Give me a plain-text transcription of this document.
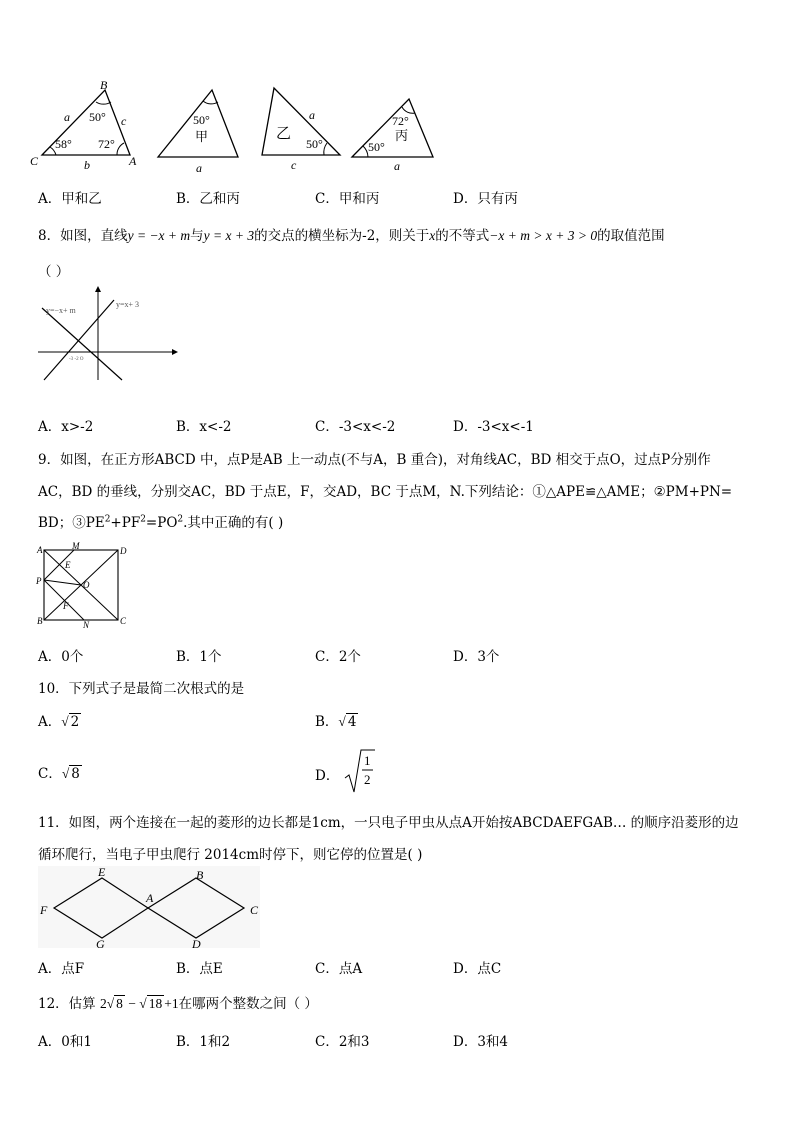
B
C	A
a	c
b
50°
58° 72°
50°
甲
a
乙
50°
a
c
72°
丙
50°
a
A．甲和乙	B．乙和丙	C．甲和丙	D．只有丙
8．如图，直线y = −x + m与y = x + 3的交点的横坐标为-2，则关于x的不等式−x + m > x + 3 > 0的取值范围
（ ）
y=−x+ m
y=x+ 3
-3 -2 O
A．x>-2	B．x<-2	C．-3<x<-2	D．-3<x<-1
9．如图，在正方形ABCD 中，点P是AB 上一动点(不与A，B 重合)，对角线AC，BD 相交于点O，过点P分别作
AC，BD 的垂线，分别交AC，BD 于点E，F，交AD，BC 于点M，N.下列结论：①△APE≌△AME；②PM+PN=
BD；$③PE^2+PF^2=PO^2$.其中正确的有( )
A	M	D
E
P	O
F
B	N	C
A．0个	B．1个	C．2个	D．3个
10．下列式子是最简二次根式的是
A．√ 2	B．√ 4
C．√ 8	D．
1
2
11．如图，两个连接在一起的菱形的边长都是1cm，一只电子甲虫从点A开始按ABCDAEFGAB… 的顺序沿菱形的边
循环爬行，当电子甲虫爬行 2014cm时停下，则它停的位置是( )
E	B
F
A
C
G	D
A．点F	B．点E	C．点A	D．点C
12．估算 2√ 8 − √ 18 +1在哪两个整数之间（ ）
A．0和1	B．1和2	C．2和3	D．3和4
